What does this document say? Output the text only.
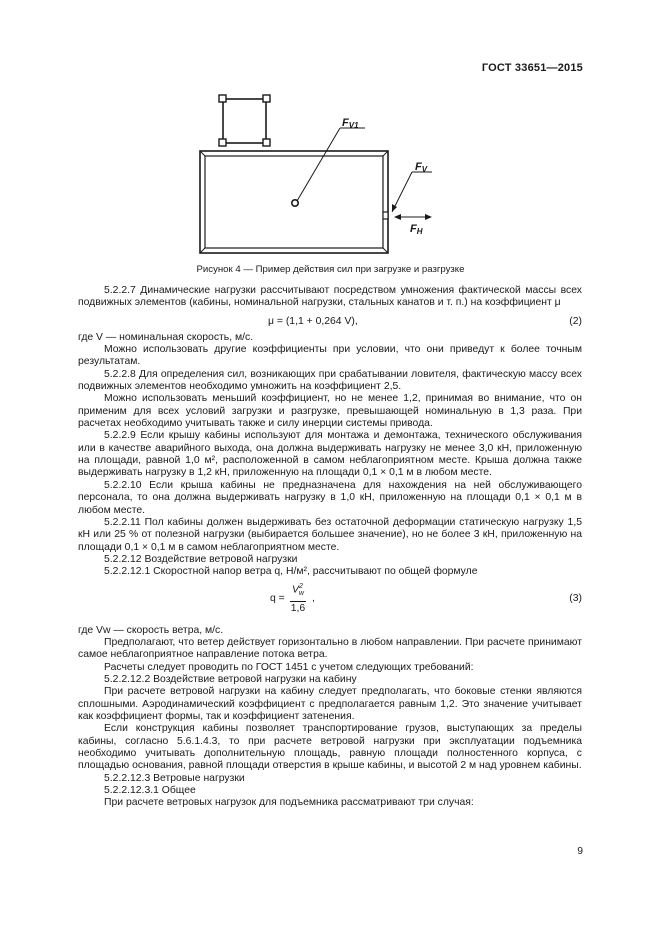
ГОСТ 33651—2015
FV1
FV
FH
Рисунок 4 — Пример действия сил при загрузке и разгрузке

5.2.2.7 Динамические нагрузки рассчитывают посредством умножения фактической массы всех подвижных элементов (кабины, номинальной нагрузки, стальных канатов и т. п.) на коэффициент μ

μ = (1,1 + 0,264 V),	(2)

где V — номинальная скорость, м/с.

Можно использовать другие коэффициенты при условии, что они приведут к более точным результатам.

5.2.2.8 Для определения сил, возникающих при срабатывании ловителя, фактическую массу всех подвижных элементов необходимо умножить на коэффициент 2,5.

Можно использовать меньший коэффициент, но не менее 1,2, принимая во внимание, что он применим для всех условий загрузки и разгрузке, превышающей номинальную в 1,3 раза. При расчетах необходимо учитывать также и силу инерции системы привода.

5.2.2.9 Если крышу кабины используют для монтажа и демонтажа, технического обслуживания или в качестве аварийного выхода, она должна выдерживать нагрузку не менее 3,0 кН, приложенную на площади, равной 1,0 м², расположенной в самом неблагоприятном месте. Крыша должна также выдерживать нагрузку в 1,2 кН, приложенную на площади 0,1 × 0,1 м в любом месте.

5.2.2.10 Если крыша кабины не предназначена для нахождения на ней обслуживающего персонала, то она должна выдерживать нагрузку в 1,0 кН, приложенную на площади 0,1 × 0,1 м в любом месте.

5.2.2.11 Пол кабины должен выдерживать без остаточной деформации статическую нагрузку 1,5 кН или 25 % от полезной нагрузки (выбирается большее значение), но не более 3 кН, приложенную на площади 0,1 × 0,1 м в самом неблагоприятном месте.

5.2.2.12 Воздействие ветровой нагрузки

5.2.2.12.1 Скоростной напор ветра q, Н/м², рассчитывают по общей формуле

$q = \frac{V^2_w}{1,6}$ ,	(3)

где Vw — скорость ветра, м/с.

Предполагают, что ветер действует горизонтально в любом направлении. При расчете принимают самое неблагоприятное направление потока ветра.

Расчеты следует проводить по ГОСТ 1451 с учетом следующих требований:

5.2.2.12.2 Воздействие ветровой нагрузки на кабину

При расчете ветровой нагрузки на кабину следует предполагать, что боковые стенки являются сплошными. Аэродинамический коэффициент с предполагается равным 1,2. Это значение учитывает как коэффициент формы, так и коэффициент затенения.

Если конструкция кабины позволяет транспортирование грузов, выступающих за пределы кабины, согласно 5.6.1.4.3, то при расчете ветровой нагрузки при эксплуатации подъемника необходимо учитывать дополнительную площадь, равную площади полностенного корпуса, с площадью основания, равной площади отверстия в крыше кабины, и высотой 2 м над уровнем кабины.

5.2.2.12.3 Ветровые нагрузки

5.2.2.12.3.1 Общее

При расчете ветровых нагрузок для подъемника рассматривают три случая:

9
